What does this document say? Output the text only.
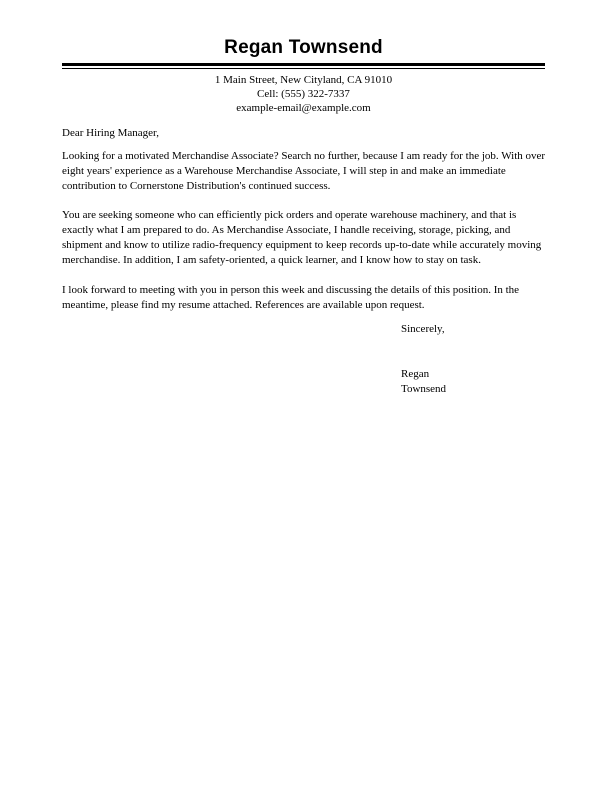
Regan Townsend
1 Main Street, New Cityland, CA 91010
Cell: (555) 322-7337
example-email@example.com
Dear Hiring Manager,
Looking for a motivated Merchandise Associate? Search no further, because I am ready for the job. With over eight years' experience as a Warehouse Merchandise Associate, I will step in and make an immediate contribution to Cornerstone Distribution's continued success.
You are seeking someone who can efficiently pick orders and operate warehouse machinery, and that is exactly what I am prepared to do. As Merchandise Associate, I handle receiving, storage, picking, and shipment and know to utilize radio-frequency equipment to keep records up-to-date while accurately moving merchandise. In addition, I am safety-oriented, a quick learner, and I know how to stay on task.
I look forward to meeting with you in person this week and discussing the details of this position. In the meantime, please find my resume attached. References are available upon request.
Sincerely,
Regan
Townsend
